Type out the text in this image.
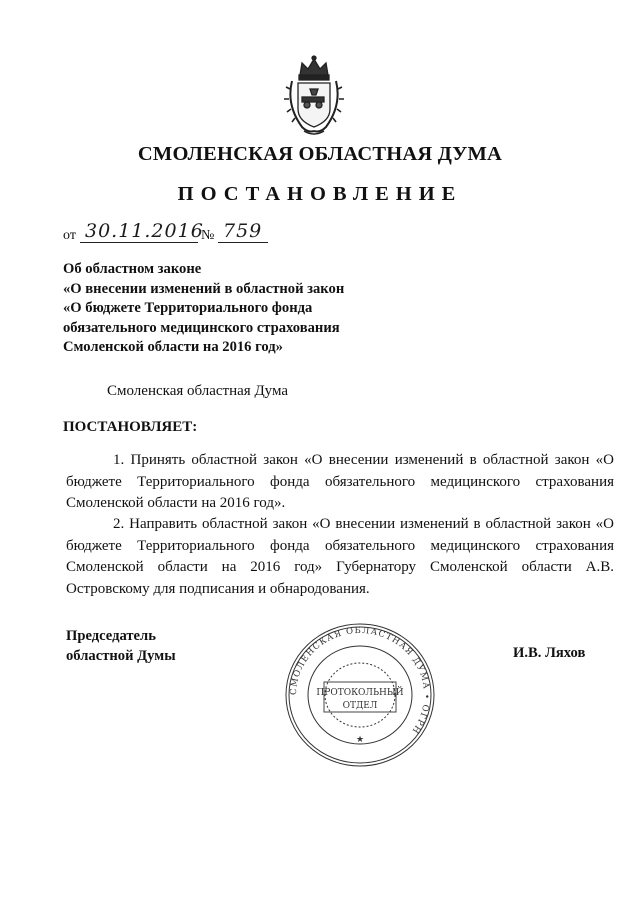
СМОЛЕНСКАЯ ОБЛАСТНАЯ ДУМА
ПОСТАНОВЛЕНИЕ
от 30.11.2016
№ 759
Об областном законе
«О внесении изменений в областной закон
«О бюджете Территориального фонда
обязательного медицинского страхования
Смоленской области на 2016 год»
Смоленская областная Дума
ПОСТАНОВЛЯЕТ:
1. Принять областной закон «О внесении изменений в областной закон «О бюджете Территориального фонда обязательного медицинского страхования Смоленской области на 2016 год».
2. Направить областной закон «О внесении изменений в областной закон «О бюджете Территориального фонда обязательного медицинского страхования Смоленской области на 2016 год» Губернатору Смоленской области А.В. Островскому для подписания и обнародования.
Председатель
областной Думы	И.В. Ляхов
СМОЛЕНСКАЯ ОБЛАСТНАЯ ДУМА • ОГРН
ПРОТОКОЛЬНЫЙ
ОТДЕЛ
★
